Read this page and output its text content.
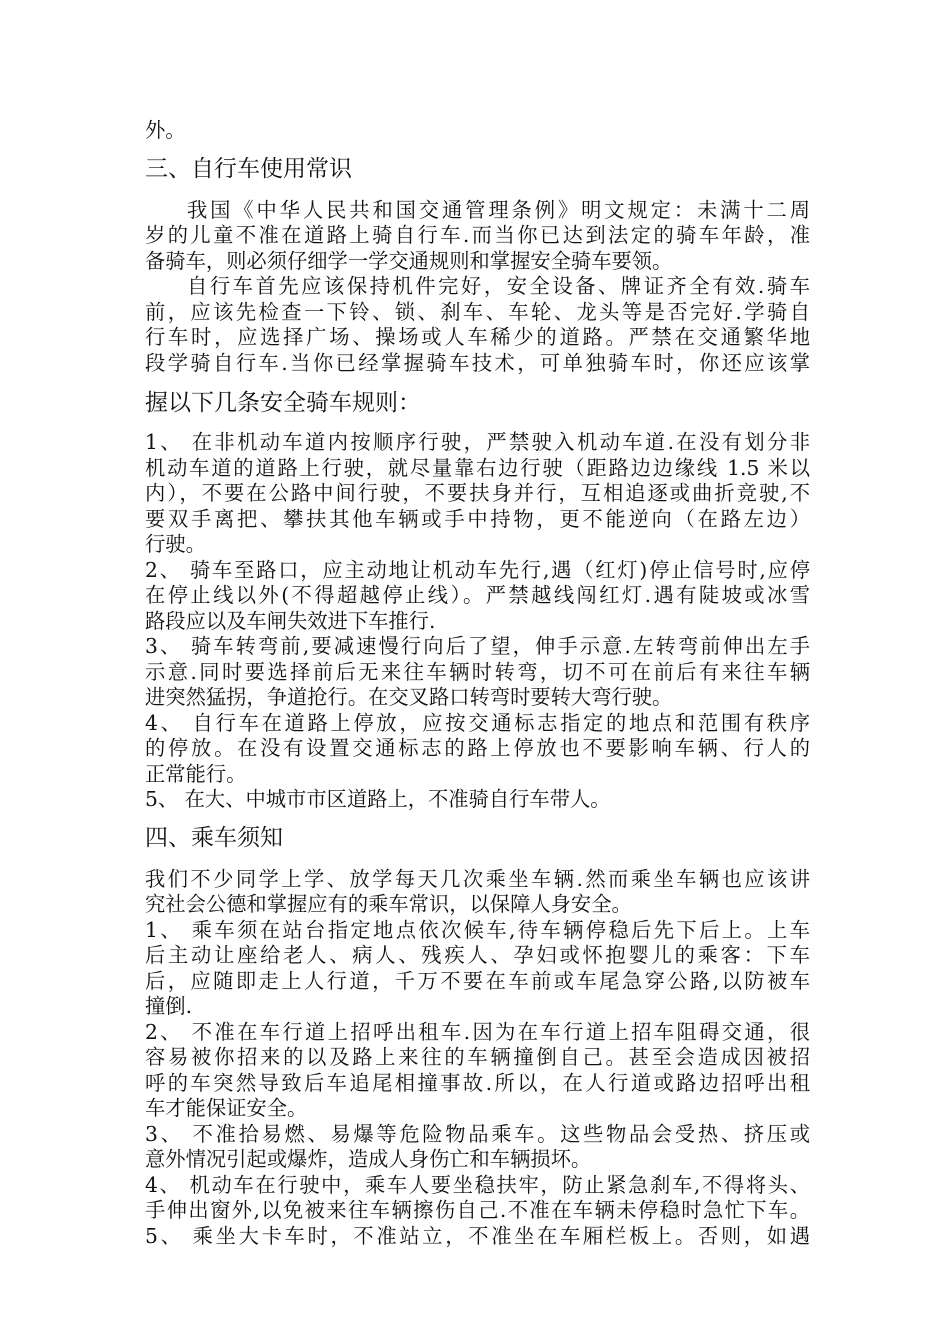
外。
三、自行车使用常识
我国《中华人民共和国交通管理条例》明文规定：未满十二周
岁的儿童不准在道路上骑自行车.而当你已达到法定的骑车年龄，准
备骑车，则必须仔细学一学交通规则和掌握安全骑车要领。
自行车首先应该保持机件完好，安全设备、牌证齐全有效.骑车
前，应该先检查一下铃、锁、刹车、车轮、龙头等是否完好.学骑自
行车时，应选择广场、操场或人车稀少的道路。严禁在交通繁华地
段学骑自行车.当你已经掌握骑车技术，可单独骑车时，你还应该掌
握以下几条安全骑车规则：
1、 在非机动车道内按顺序行驶，严禁驶入机动车道.在没有划分非
机动车道的道路上行驶，就尽量靠右边行驶（距路边边缘线 1.5 米以
内），不要在公路中间行驶，不要扶身并行，互相追逐或曲折竞驶,不
要双手离把、攀扶其他车辆或手中持物，更不能逆向（在路左边）
行驶。
2、 骑车至路口，应主动地让机动车先行,遇（红灯)停止信号时,应停
在停止线以外(不得超越停止线）。严禁越线闯红灯.遇有陡坡或冰雪
路段应以及车闸失效进下车推行.
3、 骑车转弯前,要减速慢行向后了望，伸手示意.左转弯前伸出左手
示意.同时要选择前后无来往车辆时转弯，切不可在前后有来往车辆
进突然猛拐，争道抢行。在交叉路口转弯时要转大弯行驶。
4、 自行车在道路上停放，应按交通标志指定的地点和范围有秩序
的停放。在没有设置交通标志的路上停放也不要影响车辆、行人的
正常能行。
5、 在大、中城市市区道路上，不准骑自行车带人。
四、乘车须知
我们不少同学上学、放学每天几次乘坐车辆.然而乘坐车辆也应该讲
究社会公德和掌握应有的乘车常识，以保障人身安全。
1、 乘车须在站台指定地点依次候车,待车辆停稳后先下后上。上车
后主动让座给老人、病人、残疾人、孕妇或怀抱婴儿的乘客：下车
后，应随即走上人行道，千万不要在车前或车尾急穿公路,以防被车
撞倒.
2、 不准在车行道上招呼出租车.因为在车行道上招车阻碍交通，很
容易被你招来的以及路上来往的车辆撞倒自己。甚至会造成因被招
呼的车突然导致后车追尾相撞事故.所以，在人行道或路边招呼出租
车才能保证安全。
3、 不准拾易燃、易爆等危险物品乘车。这些物品会受热、挤压或
意外情况引起或爆炸，造成人身伤亡和车辆损坏。
4、 机动车在行驶中，乘车人要坐稳扶牢，防止紧急刹车,不得将头、
手伸出窗外,以免被来往车辆擦伤自己.不准在车辆未停稳时急忙下车。
5、 乘坐大卡车时，不准站立，不准坐在车厢栏板上。否则，如遇
